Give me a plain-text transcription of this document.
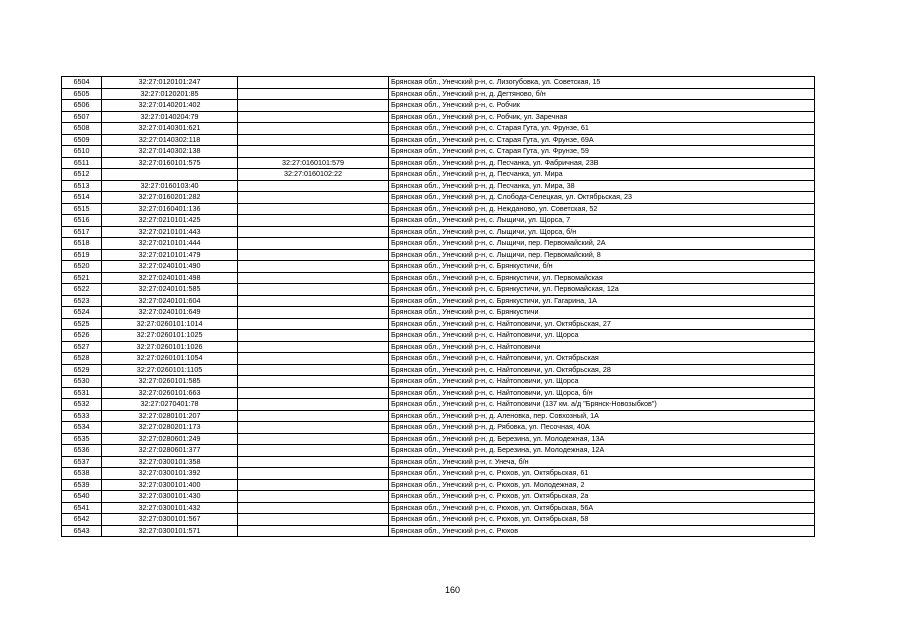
6504	32:27:0120101:247		Брянская обл., Унечский р-н, с. Лизогубовка, ул. Советская, 15
6505	32:27:0120201:85		Брянская обл., Унечский р-н, д. Дегтяново, б/н
6506	32:27:0140201:402		Брянская обл., Унечский р-н, с. Робчик
6507	32:27:0140204:79		Брянская обл., Унечский р-н, с. Робчик, ул. Заречная
6508	32:27:0140301:621		Брянская обл., Унечский р-н, с. Старая Гута, ул. Фрунзе, 61
6509	32:27:0140302:118		Брянская обл., Унечский р-н, с. Старая Гута, ул. Фрунзе, 69А
6510	32:27:0140302:138		Брянская обл., Унечский р-н, с. Старая Гута, ул. Фрунзе, 59
6511	32:27:0160101:575	32:27:0160101:579	Брянская обл., Унечский р-н, д. Песчанка, ул. Фабричная, 23В
6512		32:27:0160102:22	Брянская обл., Унечский р-н, д. Песчанка, ул. Мира
6513	32:27:0160103:40		Брянская обл., Унечский р-н, д. Песчанка, ул. Мира, 38
6514	32:27:0160201:282		Брянская обл., Унечский р-н, д. Слобода-Селецкая, ул. Октябрьская, 23
6515	32:27:0160401:136		Брянская обл., Унечский р-н, д. Нежданово, ул. Советская, 52
6516	32:27:0210101:425		Брянская обл., Унечский р-н, с. Лыщичи, ул. Щорса, 7
6517	32:27:0210101:443		Брянская обл., Унечский р-н, с. Лыщичи, ул. Щорса, б/н
6518	32:27:0210101:444		Брянская обл., Унечский р-н, с. Лыщичи, пер. Первомайский, 2А
6519	32:27:0210101:479		Брянская обл., Унечский р-н, с. Лыщичи, пер. Первомайский, 8
6520	32:27:0240101:490		Брянская обл., Унечский р-н, с. Брянкустичи, б/н
6521	32:27:0240101:498		Брянская обл., Унечский р-н, с. Брянкустичи, ул. Первомайская
6522	32:27:0240101:585		Брянская обл., Унечский р-н, с. Брянкустичи, ул. Первомайская, 12а
6523	32:27:0240101:604		Брянская обл., Унечский р-н, с. Брянкустичи, ул. Гагарина, 1А
6524	32:27:0240101:649		Брянская обл., Унечский р-н, с. Брянкустичи
6525	32:27:0260101:1014		Брянская обл., Унечский р-н, с. Найтоповичи, ул. Октябрьская, 27
6526	32:27:0260101:1025		Брянская обл., Унечский р-н, с. Найтоповичи, ул. Щорса
6527	32:27:0260101:1026		Брянская обл., Унечский р-н, с. Найтоповичи
6528	32:27:0260101:1054		Брянская обл., Унечский р-н, с. Найтоповичи, ул. Октябрьская
6529	32:27:0260101:1105		Брянская обл., Унечский р-н, с. Найтоповичи, ул. Октябрьская, 28
6530	32:27:0260101:585		Брянская обл., Унечский р-н, с. Найтоповичи, ул. Щорса
6531	32:27:0260101:663		Брянская обл., Унечский р-н, с. Найтоповичи, ул. Щорса, б/н
6532	32:27:0270401:78		Брянская обл., Унечский р-н, с. Найтоповичи (137 км. а/д "Брянск-Новозыбков")
6533	32:27:0280101:207		Брянская обл., Унечский р-н, д. Аленовка, пер. Совхозный, 1А
6534	32:27:0280201:173		Брянская обл., Унечский р-н, д. Рябовка, ул. Песочная, 40А
6535	32:27:0280601:249		Брянская обл., Унечский р-н, д. Березина, ул. Молодежная, 13А
6536	32:27:0280601:377		Брянская обл., Унечский р-н, д. Березина, ул. Молодежная, 12А
6537	32:27:0300101:358		Брянская обл., Унечский р-н, г. Унеча, б/н
6538	32:27:0300101:392		Брянская обл., Унечский р-н, с. Рюхов, ул. Октябрьская, 61
6539	32:27:0300101:400		Брянская обл., Унечский р-н, с. Рюхов, ул. Молодежная, 2
6540	32:27:0300101:430		Брянская обл., Унечский р-н, с. Рюхов, ул. Октябрьская, 2а
6541	32:27:0300101:432		Брянская обл., Унечский р-н, с. Рюхов, ул. Октябрьская, 56А
6542	32:27:0300101:567		Брянская обл., Унечский р-н, с. Рюхов, ул. Октябрьская, 58
6543	32:27:0300101:571		Брянская обл., Унечский р-н, с. Рюхов
160
